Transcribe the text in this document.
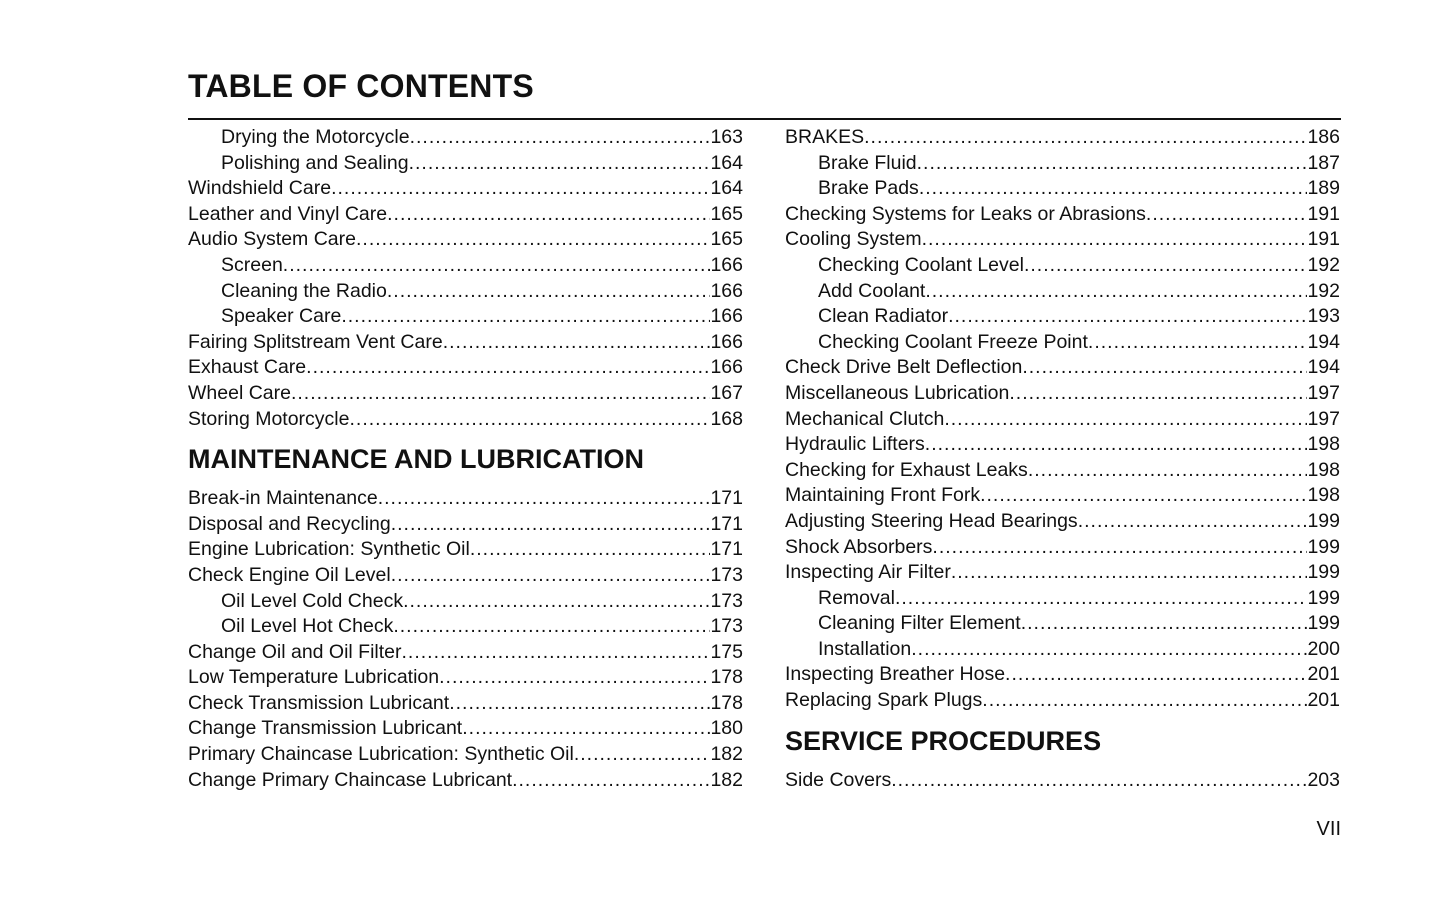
TABLE OF CONTENTS
Drying the Motorcycle .....	163
Polishing and Sealing .....	164
Windshield Care .....	164
Leather and Vinyl Care .....	165
Audio System Care .....	165
Screen .....	166
Cleaning the Radio .....	166
Speaker Care .....	166
Fairing Splitstream Vent Care .....	166
Exhaust Care .....	166
Wheel Care .....	167
Storing Motorcycle .....	168
MAINTENANCE AND LUBRICATION
Break-in Maintenance .....	171
Disposal and Recycling .....	171
Engine Lubrication: Synthetic Oil .....	171
Check Engine Oil Level .....	173
Oil Level Cold Check .....	173
Oil Level Hot Check .....	173
Change Oil and Oil Filter .....	175
Low Temperature Lubrication .....	178
Check Transmission Lubricant .....	178
Change Transmission Lubricant .....	180
Primary Chaincase Lubrication: Synthetic Oil .....	182
Change Primary Chaincase Lubricant .....	182
BRAKES .....	186
Brake Fluid .....	187
Brake Pads .....	189
Checking Systems for Leaks or Abrasions .....	191
Cooling System .....	191
Checking Coolant Level .....	192
Add Coolant .....	192
Clean Radiator .....	193
Checking Coolant Freeze Point .....	194
Check Drive Belt Deflection .....	194
Miscellaneous Lubrication .....	197
Mechanical Clutch .....	197
Hydraulic Lifters .....	198
Checking for Exhaust Leaks .....	198
Maintaining Front Fork .....	198
Adjusting Steering Head Bearings .....	199
Shock Absorbers .....	199
Inspecting Air Filter .....	199
Removal .....	199
Cleaning Filter Element .....	199
Installation .....	200
Inspecting Breather Hose .....	201
Replacing Spark Plugs .....	201
SERVICE PROCEDURES
Side Covers .....	203
VII
